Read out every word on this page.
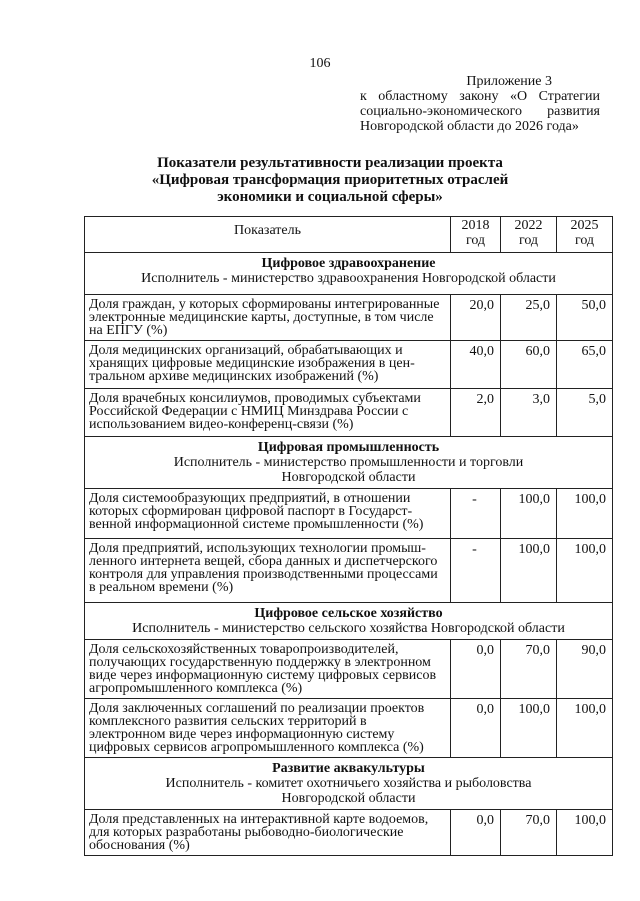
106
Приложение 3
к областному закону «О Стратегии
социально-экономического развития
Новгородской области до 2026 года»
Показатели результативности реализации проекта
«Цифровая трансформация приоритетных отраслей
экономики и социальной сферы»
Показатель	2018 год	2022 год	2025 год

Цифровое здравоохранение
Исполнитель - министерство здравоохранения Новгородской области			

Доля граждан, у которых сформированы интегрированные электронные медицинские карты, доступные, в том числе на ЕПГУ (%)	20,0	25,0	50,0
Доля медицинских организаций, обрабатывающих и хранящих цифровые медицинские изображения в центральном архиве медицинских изображений (%)	40,0	60,0	65,0
Доля врачебных консилиумов, проводимых субъектами Российской Федерации с НМИЦ Минздрава России с использованием видео-конференц-связи (%)	2,0	3,0	5,0

Цифровая промышленность
Исполнитель - министерство промышленности и торговли Новгородской области			

Доля системообразующих предприятий, в отношении которых сформирован цифровой паспорт в Государственной информационной системе промышленности (%)	-	100,0	100,0
Доля предприятий, использующих технологии промышленного интернета вещей, сбора данных и диспетчерского контроля для управления производственными процессами в реальном времени (%)	-	100,0	100,0

Цифровое сельское хозяйство
Исполнитель - министерство сельского хозяйства Новгородской области			

Доля сельскохозяйственных товаропроизводителей, получающих государственную поддержку в электронном виде через информационную систему цифровых сервисов агропромышленного комплекса (%)	0,0	70,0	90,0
Доля заключенных соглашений по реализации проектов комплексного развития сельских территорий в электронном виде через информационную систему цифровых сервисов агропромышленного комплекса (%)	0,0	100,0	100,0

Развитие аквакультуры
Исполнитель - комитет охотничьего хозяйства и рыболовства Новгородской области			

Доля представленных на интерактивной карте водоемов, для которых разработаны рыбоводно-биологические обоснования (%)	0,0	70,0	100,0
